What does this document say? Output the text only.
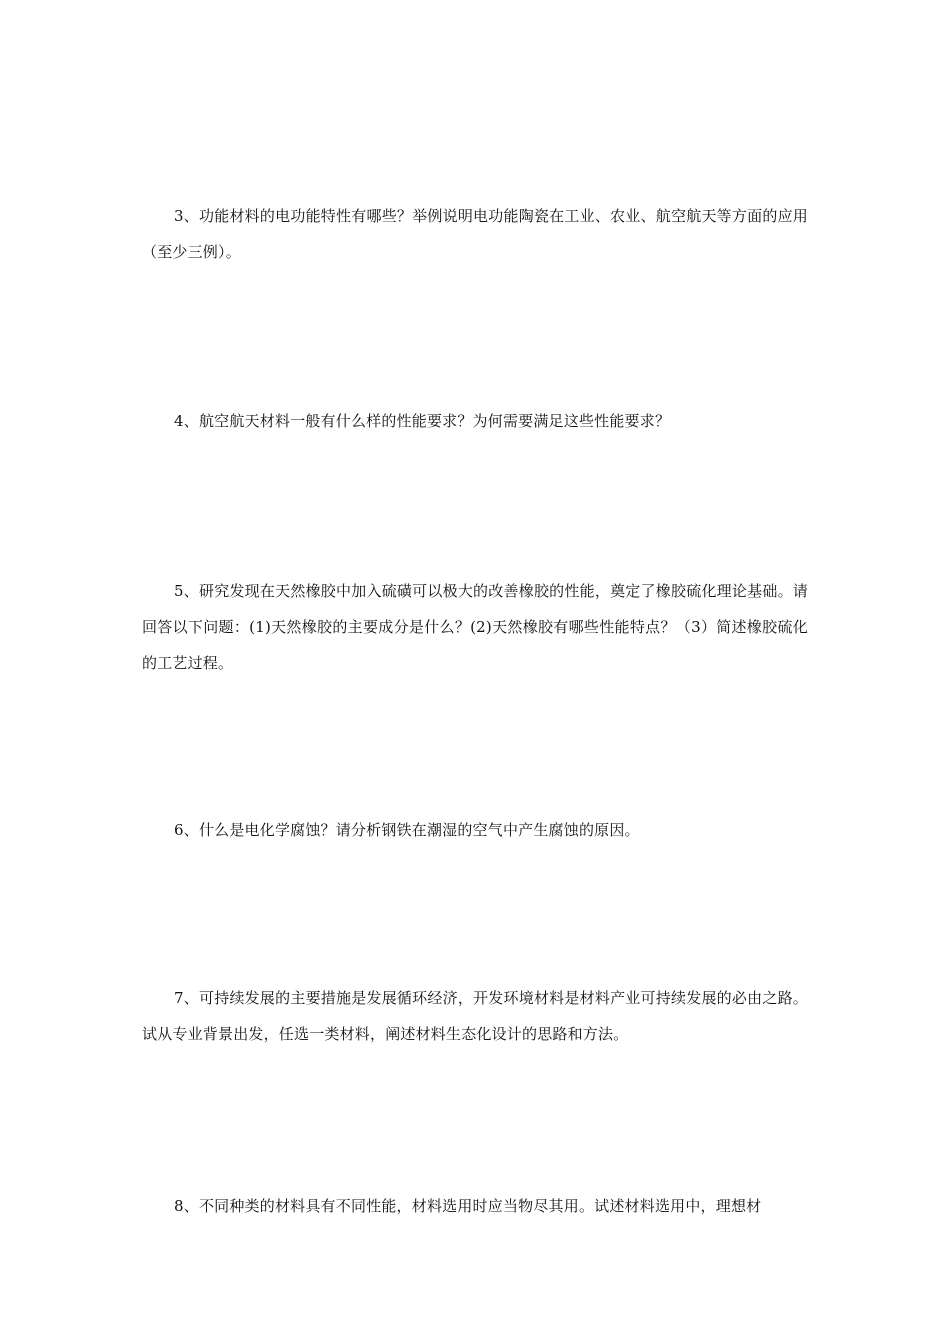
3、功能材料的电功能特性有哪些？举例说明电功能陶瓷在工业、农业、航空航天等方面的应用（至少三例）。

4、航空航天材料一般有什么样的性能要求？为何需要满足这些性能要求？

5、研究发现在天然橡胶中加入硫磺可以极大的改善橡胶的性能，奠定了橡胶硫化理论基础。请回答以下问题：(1)天然橡胶的主要成分是什么？(2)天然橡胶有哪些性能特点？（3）简述橡胶硫化的工艺过程。

6、什么是电化学腐蚀？请分析钢铁在潮湿的空气中产生腐蚀的原因。

7、可持续发展的主要措施是发展循环经济，开发环境材料是材料产业可持续发展的必由之路。试从专业背景出发，任选一类材料，阐述材料生态化设计的思路和方法。

8、不同种类的材料具有不同性能，材料选用时应当物尽其用。试述材料选用中，理想材
